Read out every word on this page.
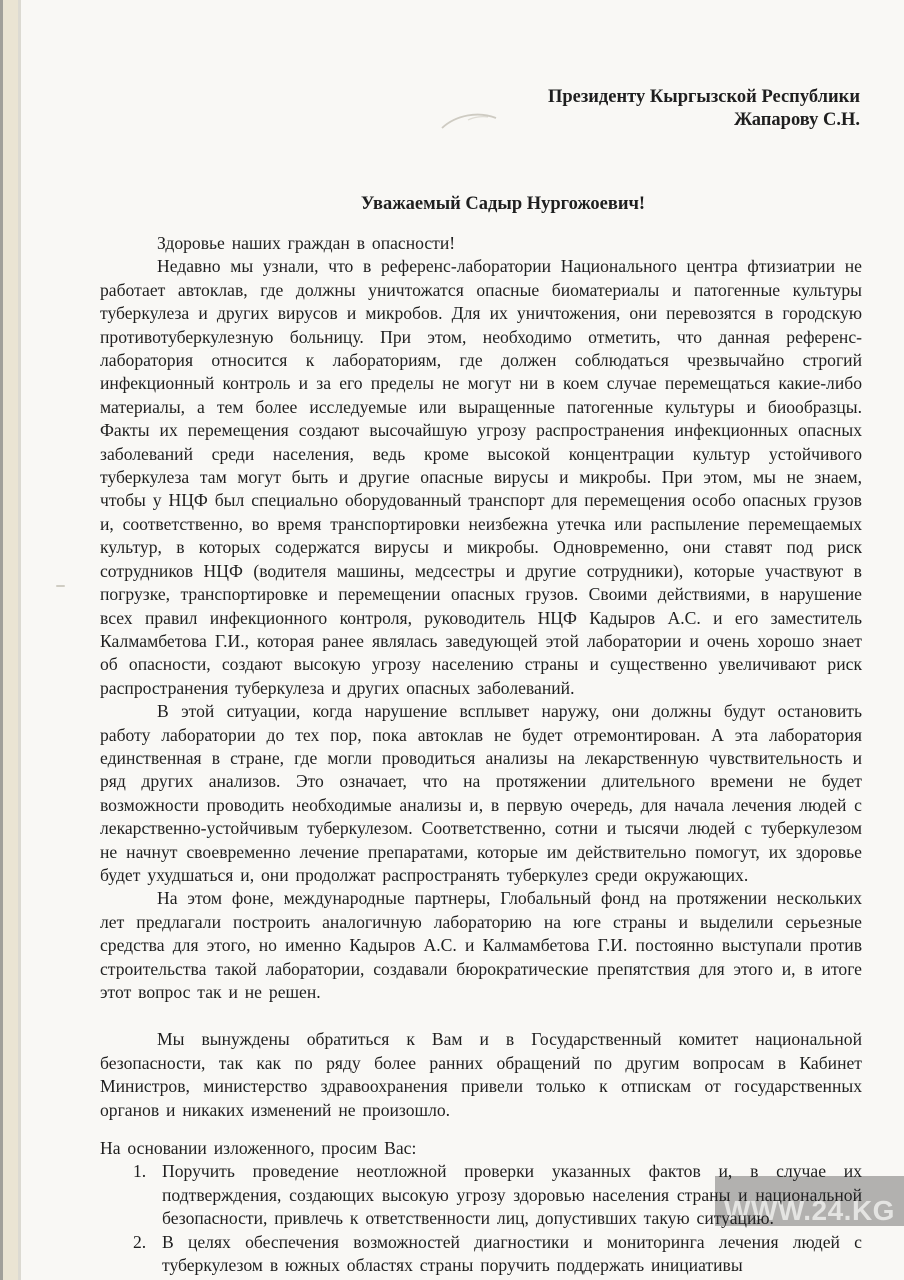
Президенту Кыргызской Республики
Жапарову С.Н.
Уважаемый Садыр Нургожоевич!

Здоровье наших граждан в опасности!

Недавно мы узнали, что в референс-лаборатории Национального центра фтизиатрии не работает автоклав, где должны уничтожатся опасные биоматериалы и патогенные культуры туберкулеза и других вирусов и микробов. Для их уничтожения, они перевозятся в городскую противотуберкулезную больницу. При этом, необходимо отметить, что данная референс-лаборатория относится к лабораториям, где должен соблюдаться чрезвычайно строгий инфекционный контроль и за его пределы не могут ни в коем случае перемещаться какие-либо материалы, а тем более исследуемые или выращенные патогенные культуры и биообразцы. Факты их перемещения создают высочайшую угрозу распространения инфекционных опасных заболеваний среди населения, ведь кроме высокой концентрации культур устойчивого туберкулеза там могут быть и другие опасные вирусы и микробы. При этом, мы не знаем, чтобы у НЦФ был специально оборудованный транспорт для перемещения особо опасных грузов и, соответственно, во время транспортировки неизбежна утечка или распыление перемещаемых культур, в которых содержатся вирусы и микробы. Одновременно, они ставят под риск сотрудников НЦФ (водителя машины, медсестры и другие сотрудники), которые участвуют в погрузке, транспортировке и перемещении опасных грузов. Своими действиями, в нарушение всех правил инфекционного контроля, руководитель НЦФ Кадыров А.С. и его заместитель Калмамбетова Г.И., которая ранее являлась заведующей этой лаборатории и очень хорошо знает об опасности, создают высокую угрозу населению страны и существенно увеличивают риск распространения туберкулеза и других опасных заболеваний.

В этой ситуации, когда нарушение всплывет наружу, они должны будут остановить работу лаборатории до тех пор, пока автоклав не будет отремонтирован. А эта лаборатория единственная в стране, где могли проводиться анализы на лекарственную чувствительность и ряд других анализов. Это означает, что на протяжении длительного времени не будет возможности проводить необходимые анализы и, в первую очередь, для начала лечения людей с лекарственно-устойчивым туберкулезом. Соответственно, сотни и тысячи людей с туберкулезом не начнут своевременно лечение препаратами, которые им действительно помогут, их здоровье будет ухудшаться и, они продолжат распространять туберкулез среди окружающих.

На этом фоне, международные партнеры, Глобальный фонд на протяжении нескольких лет предлагали построить аналогичную лабораторию на юге страны и выделили серьезные средства для этого, но именно Кадыров А.С. и Калмамбетова Г.И. постоянно выступали против строительства такой лаборатории, создавали бюрократические препятствия для этого и, в итоге этот вопрос так и не решен.

Мы вынуждены обратиться к Вам и в Государственный комитет национальной безопасности, так как по ряду более ранних обращений по другим вопросам в Кабинет Министров, министерство здравоохранения привели только к отпискам от государственных органов и никаких изменений не произошло.

На основании изложенного, просим Вас:

1. Поручить проведение неотложной проверки указанных фактов и, в случае их подтверждения, создающих высокую угрозу здоровью населения страны и национальной безопасности, привлечь к ответственности лиц, допустивших такую ситуацию.
2. В целях обеспечения возможностей диагностики и мониторинга лечения людей с туберкулезом в южных областях страны поручить поддержать инициативы
WWW.24.KG
